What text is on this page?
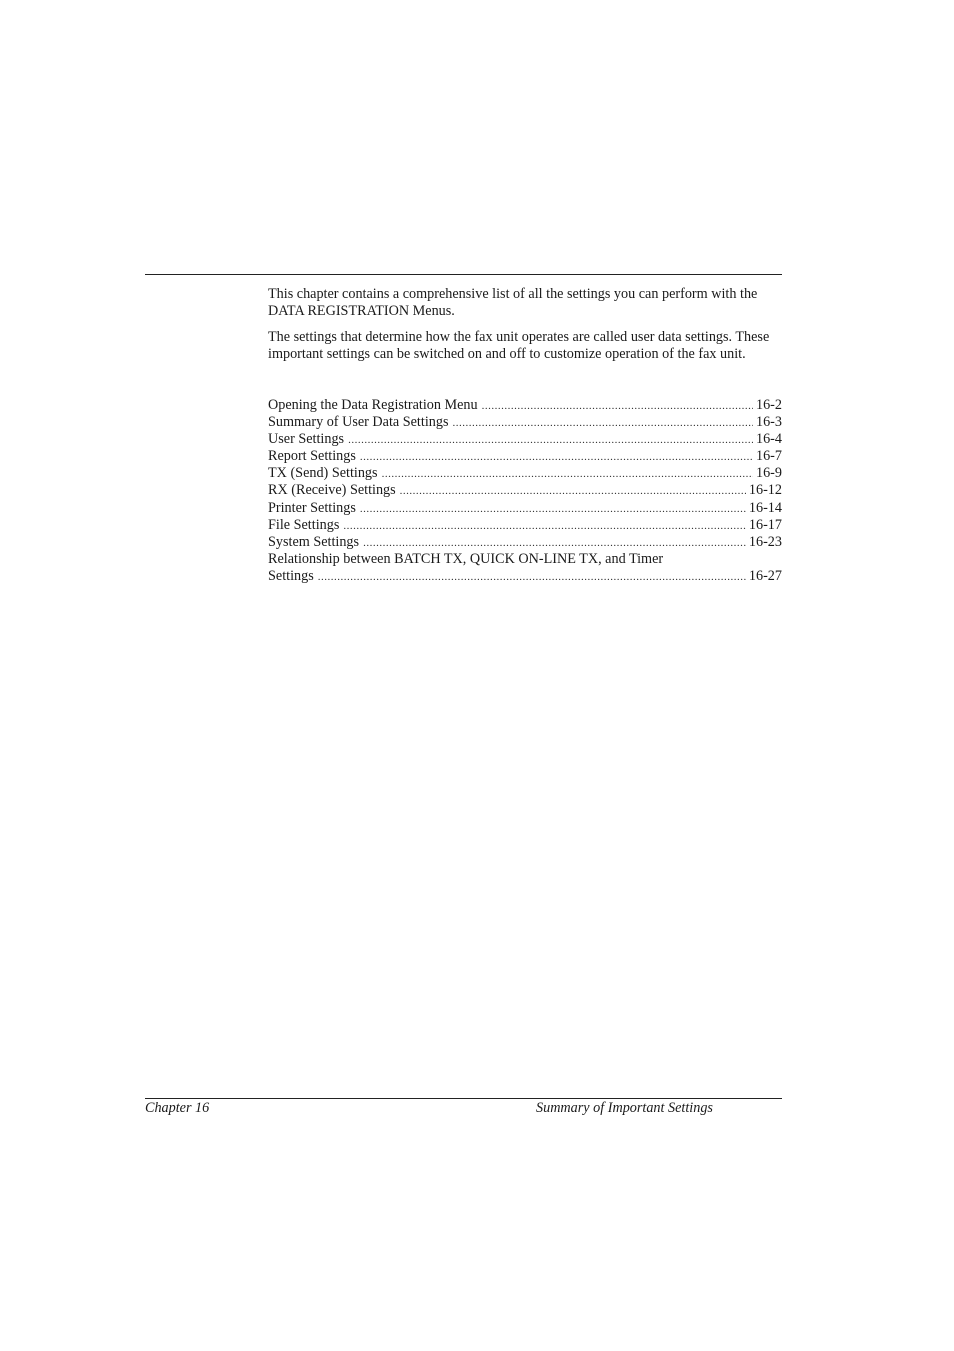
This chapter contains a comprehensive list of all the settings you can perform with the DATA REGISTRATION Menus.

The settings that determine how the fax unit operates are called user data settings. These important settings can be switched on and off to customize operation of the fax unit.

Opening the Data Registration Menu .....	16-2
Summary of User Data Settings .....	16-3
User Settings .....	16-4
Report Settings .....	16-7
TX (Send) Settings .....	16-9
RX (Receive) Settings .....	16-12
Printer Settings .....	16-14
File Settings .....	16-17
System Settings .....	16-23
Relationship between BATCH TX, QUICK ON-LINE TX, and Timer
Settings .....	16-27
Chapter 16	Summary of Important Settings
